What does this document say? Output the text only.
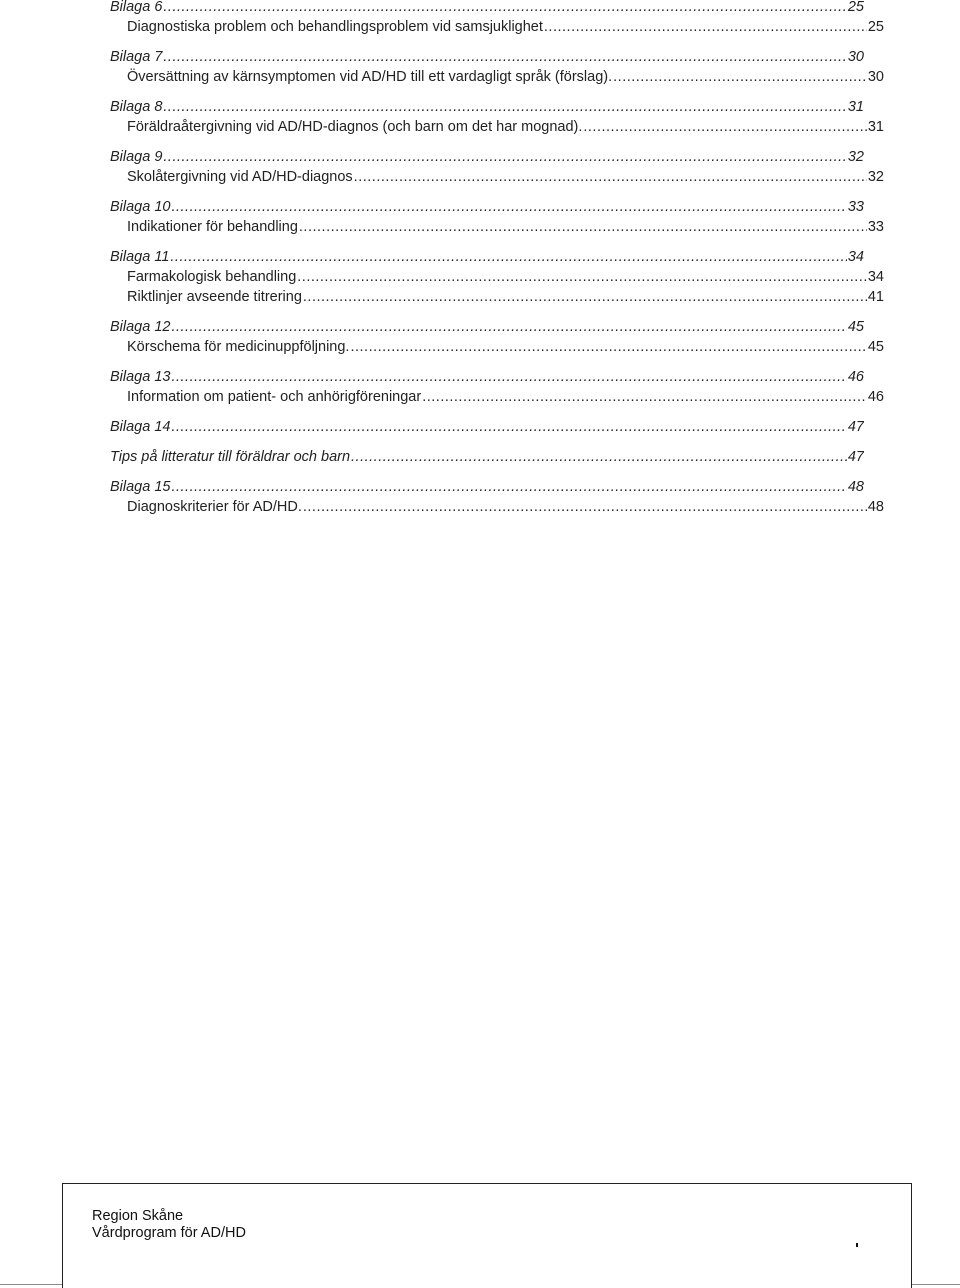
Bilaga 6 .....	25
Diagnostiska problem och behandlingsproblem vid samsjuklighet .....	25
Bilaga 7 .....	30
Översättning av kärnsymptomen vid AD/HD till ett vardagligt språk (förslag). .....	30
Bilaga 8 .....	31
Föräldraåtergivning vid AD/HD-diagnos (och barn om det har mognad). .....	31
Bilaga 9 .....	32
Skolåtergivning vid AD/HD-diagnos .....	32
Bilaga 10 .....	33
Indikationer för behandling .....	33
Bilaga 11 .....	34
Farmakologisk behandling .....	34
Riktlinjer avseende titrering .....	41
Bilaga 12 .....	45
Körschema för medicinuppföljning. .....	45
Bilaga 13 .....	46
Information om patient- och anhörigföreningar .....	46
Bilaga 14 .....	47
Tips på litteratur till föräldrar och barn .....	47
Bilaga 15 .....	48
Diagnoskriterier för AD/HD. .....	48
Region Skåne
Vårdprogram för AD/HD
